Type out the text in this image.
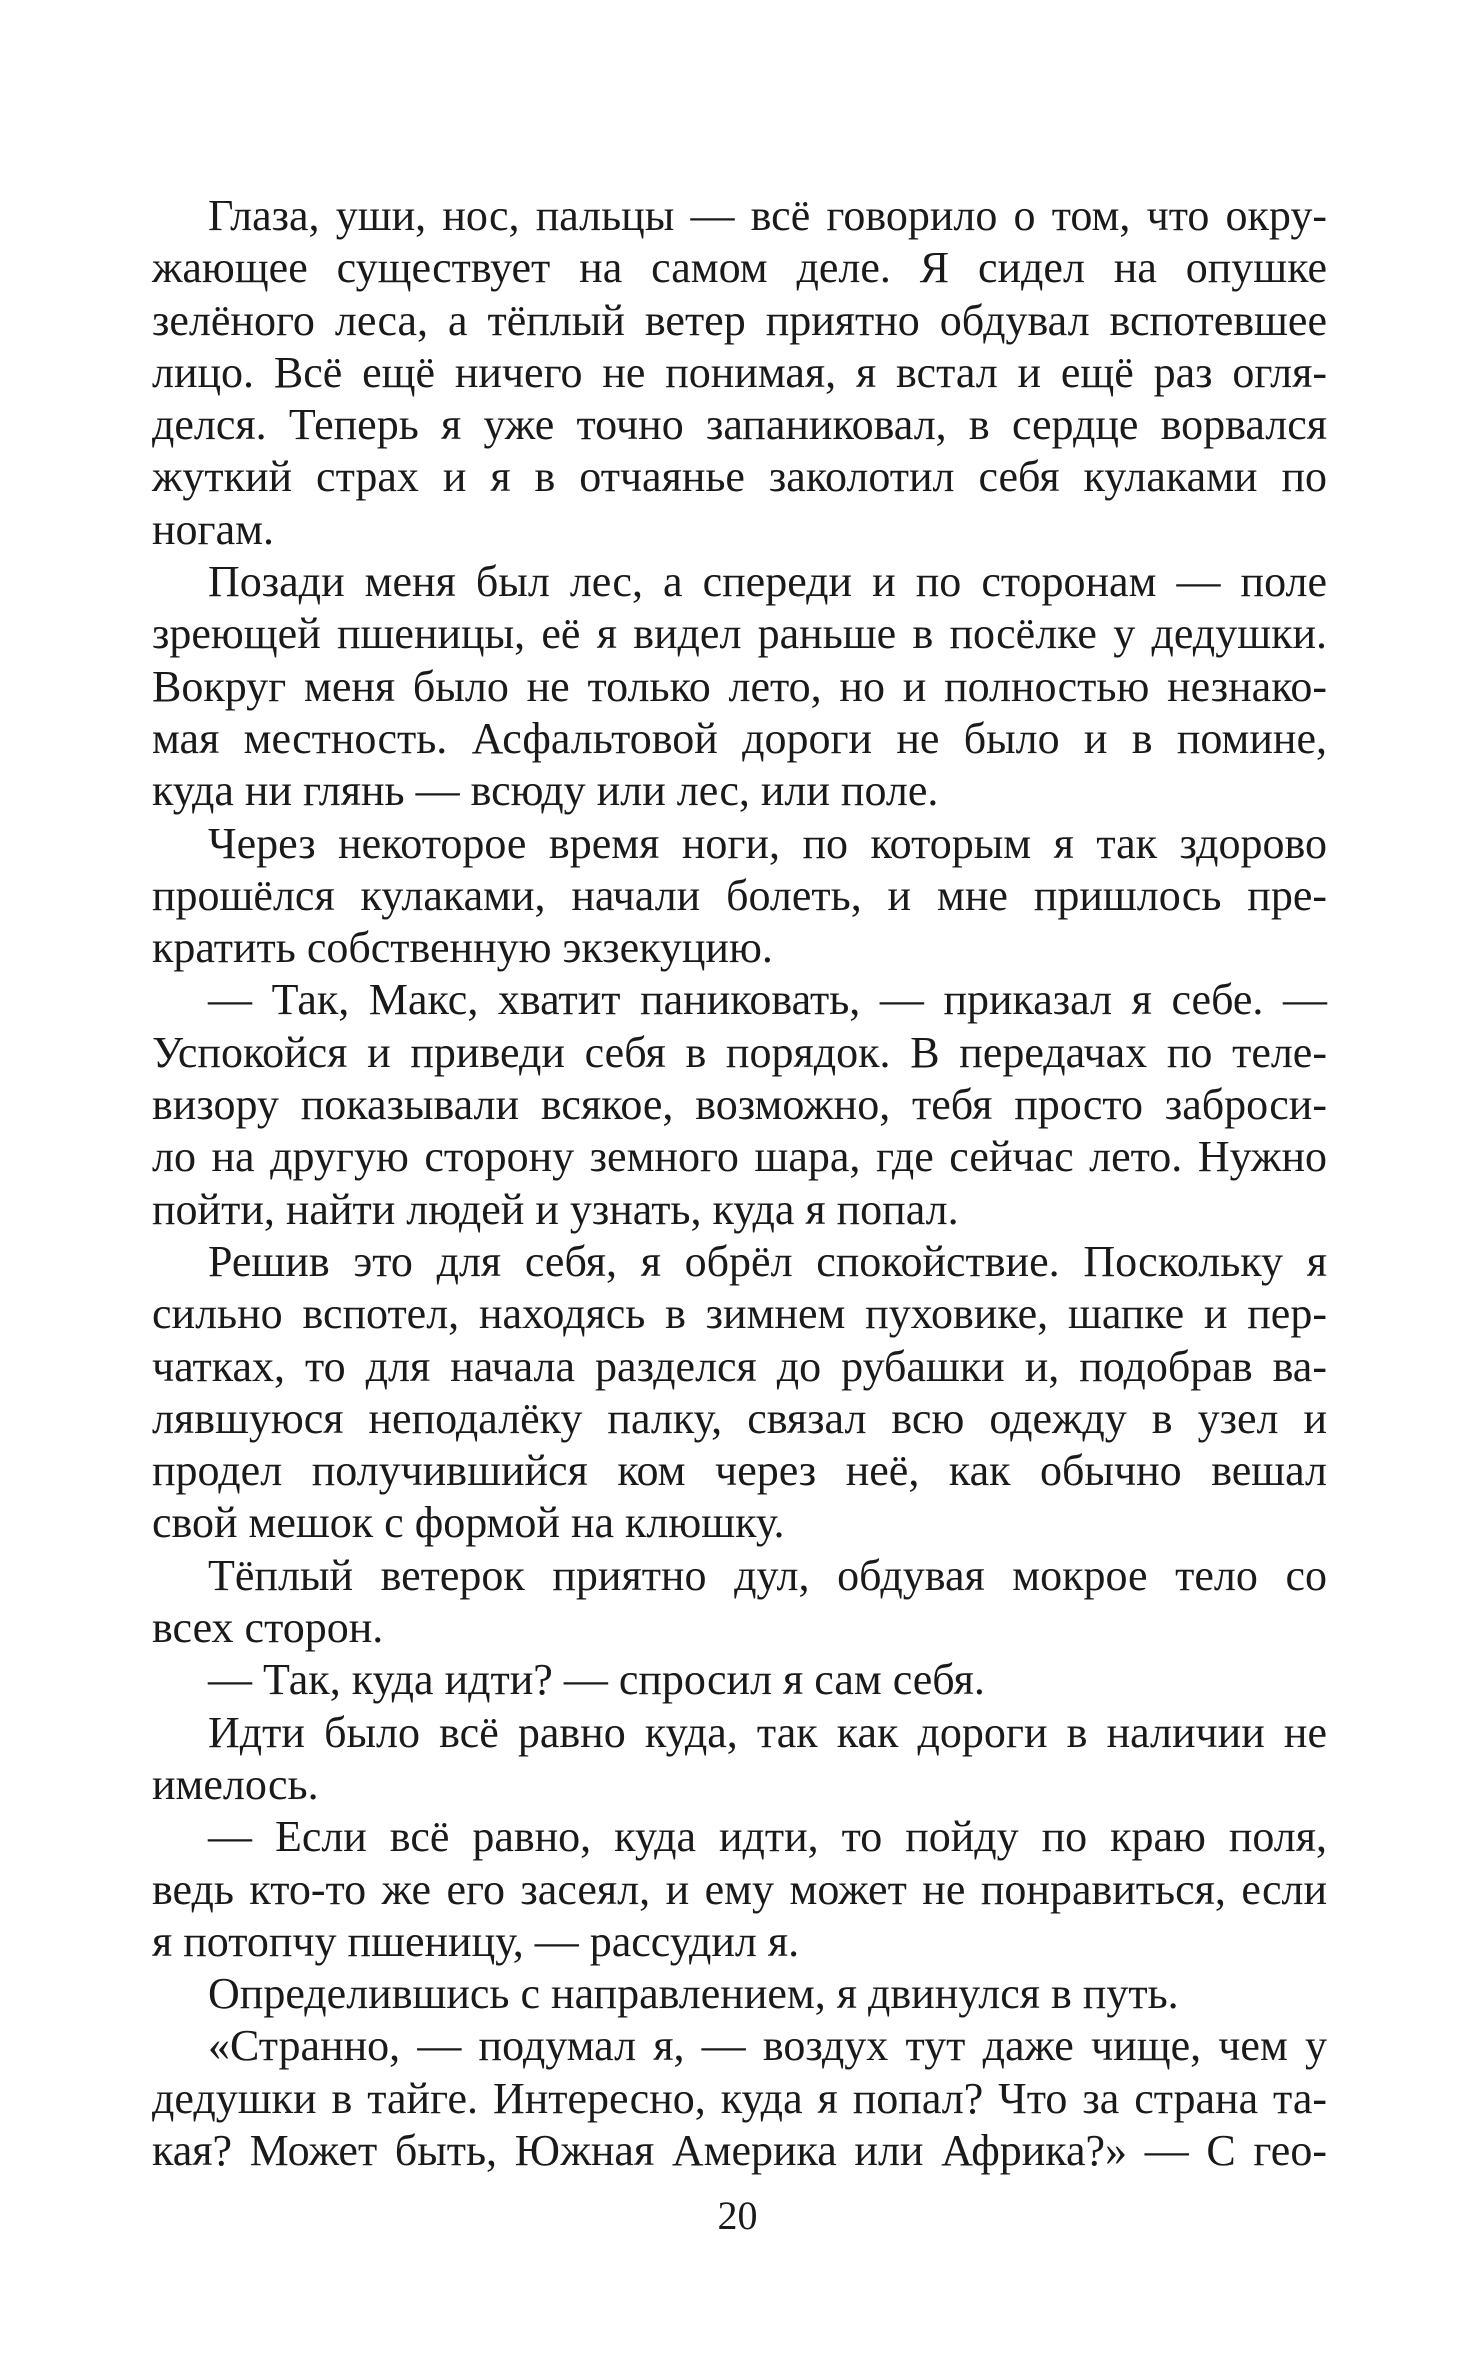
Глаза, уши, нос, пальцы — всё говорило о том, что окру-
жающее существует на самом деле. Я сидел на опушке
зелёного леса, а тёплый ветер приятно обдувал вспотевшее
лицо. Всё ещё ничего не понимая, я встал и ещё раз огля-
делся. Теперь я уже точно запаниковал, в сердце ворвался
жуткий страх и я в отчаянье заколотил себя кулаками по
ногам.
Позади меня был лес, а спереди и по сторонам — поле
зреющей пшеницы, её я видел раньше в посёлке у дедушки.
Вокруг меня было не только лето, но и полностью незнако-
мая местность. Асфальтовой дороги не было и в помине,
куда ни глянь — всюду или лес, или поле.
Через некоторое время ноги, по которым я так здорово
прошёлся кулаками, начали болеть, и мне пришлось пре-
кратить собственную экзекуцию.
— Так, Макс, хватит паниковать, — приказал я себе. —
Успокойся и приведи себя в порядок. В передачах по теле-
визору показывали всякое, возможно, тебя просто заброси-
ло на другую сторону земного шара, где сейчас лето. Нужно
пойти, найти людей и узнать, куда я попал.
Решив это для себя, я обрёл спокойствие. Поскольку я
сильно вспотел, находясь в зимнем пуховике, шапке и пер-
чатках, то для начала разделся до рубашки и, подобрав ва-
лявшуюся неподалёку палку, связал всю одежду в узел и
продел получившийся ком через неё, как обычно вешал
свой мешок с формой на клюшку.
Тёплый ветерок приятно дул, обдувая мокрое тело со
всех сторон.
— Так, куда идти? — спросил я сам себя.
Идти было всё равно куда, так как дороги в наличии не
имелось.
— Если всё равно, куда идти, то пойду по краю поля,
ведь кто-то же его засеял, и ему может не понравиться, если
я потопчу пшеницу, — рассудил я.
Определившись с направлением, я двинулся в путь.
«Странно, — подумал я, — воздух тут даже чище, чем у
дедушки в тайге. Интересно, куда я попал? Что за страна та-
кая? Может быть, Южная Америка или Африка?» — С гео-
20
